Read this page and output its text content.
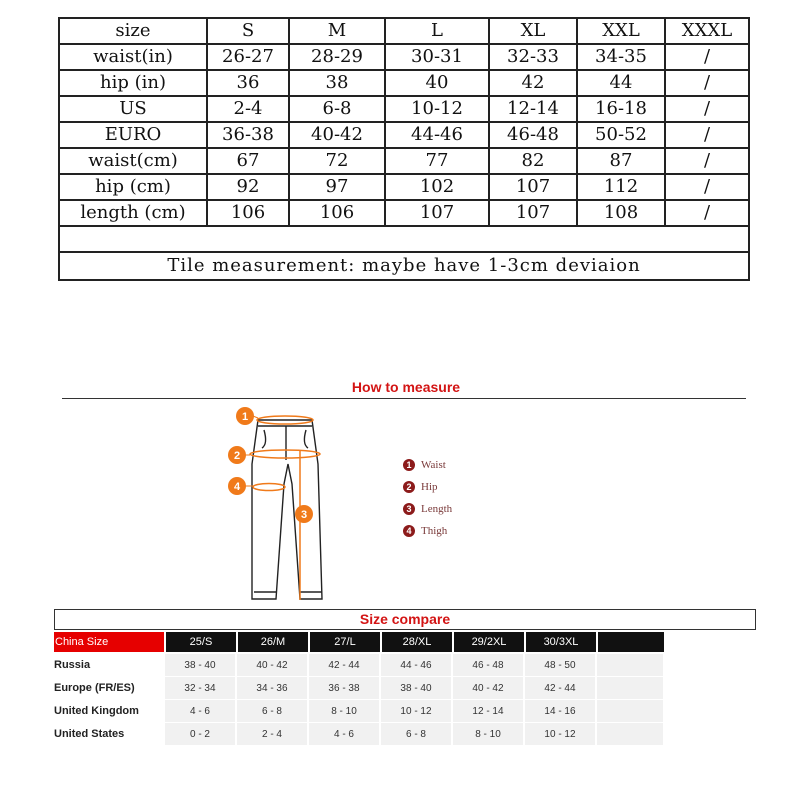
size	S	M	L	XL	XXL	XXXL
waist(in)	26-27	28-29	30-31	32-33	34-35	/
hip (in)	36	38	40	42	44	/
US	2-4	6-8	10-12	12-14	16-18	/
EURO	36-38	40-42	44-46	46-48	50-52	/
waist(cm)	67	72	77	82	87	/
hip (cm)	92	97	102	107	112	/
length (cm)	106	106	107	107	108	/

Tile measurement: maybe have 1-3cm deviaion						
How to measure
1
2
3
4
1 Waist
2 Hip
3 Length
4 Thigh
Size compare
China Size	25/S	26/M	27/L	28/XL	29/2XL	30/3XL
Russia	38 - 40	40 - 42	42 - 44	44 - 46	46 - 48	48 - 50
Europe (FR/ES)	32 - 34	34 - 36	36 - 38	38 - 40	40 - 42	42 - 44
United Kingdom	4 - 6	6 - 8	8 - 10	10 - 12	12 - 14	14 - 16
United States	0 - 2	2 - 4	4 - 6	6 - 8	8 - 10	10 - 12
